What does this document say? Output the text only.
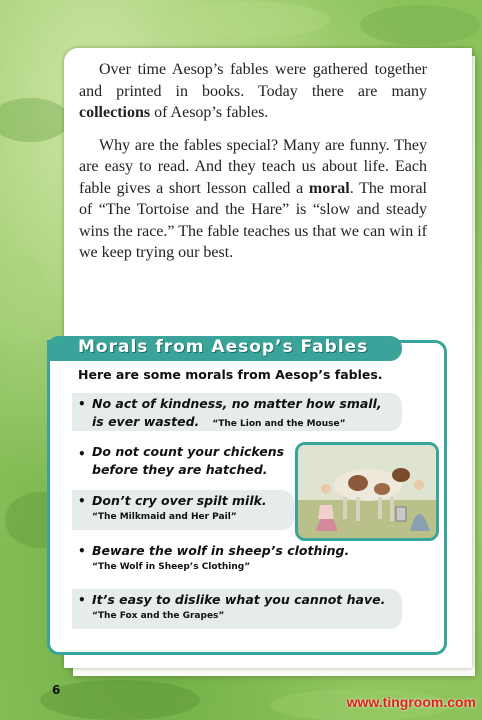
Over time Aesop’s fables were gathered together and printed in books. Today there are many collections of Aesop’s fables.

Why are the fables special? Many are funny. They are easy to read. And they teach us about life. Each fable gives a short lesson called a moral. The moral of “The Tortoise and the Hare” is “slow and steady wins the race.” The fable teaches us that we can win if we keep trying our best.

Morals from Aesop’s Fables
Here are some morals from Aesop’s fables.
• No act of kindness, no matter how small,
is ever wasted. “The Lion and the Mouse”
• Do not count your chickens
before they are hatched.
• Don’t cry over spilt milk.
“The Milkmaid and Her Pail”
• Beware the wolf in sheep’s clothing.
“The Wolf in Sheep’s Clothing”
• It’s easy to dislike what you cannot have.
“The Fox and the Grapes”
6
www.tingroom.com
